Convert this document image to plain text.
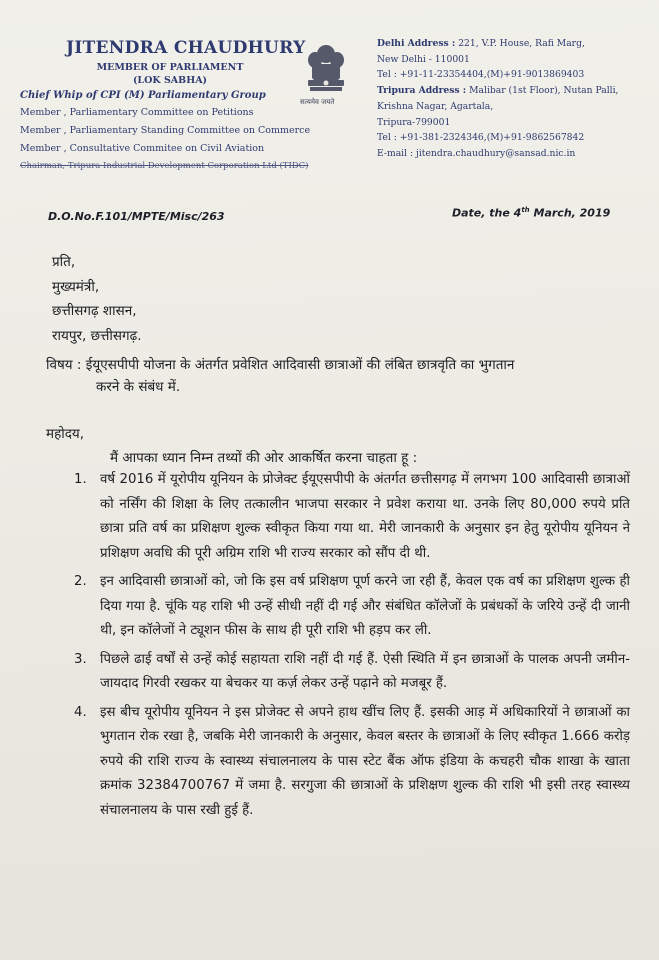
JITENDRA CHAUDHURY
MEMBER OF PARLIAMENT
(LOK SABHA)
Chief Whip of CPI (M) Parliamentary Group
Member , Parliamentary Committee on Petitions
Member , Parliamentary Standing Committee on Commerce
Member , Consultative Commitee on Civil Aviation
Chairman, Tripura Industrial Development Corporation Ltd (TIDC)
सत्यमेव जयते
Delhi Address : 221, V.P. House, Rafi Marg,
New Delhi - 110001
Tel : +91-11-23354404,(M)+91-9013869403
Tripura Address : Malibar (1st Floor), Nutan Palli,
Krishna Nagar, Agartala,
Tripura-799001
Tel : +91-381-2324346,(M)+91-9862567842
E-mail : jitendra.chaudhury@sansad.nic.in
D.O.No.F.101/MPTE/Misc/263	Date, the 4th March, 2019
प्रति,
मुख्यमंत्री,
छत्तीसगढ़ शासन,
रायपुर, छत्तीसगढ़.
विषय : ईयूएसपीपी योजना के अंतर्गत प्रवेशित आदिवासी छात्राओं की लंबित छात्रवृति का भुगतान
करने के संबंध में.
महोदय,
मैं आपका ध्यान निम्न तथ्यों की ओर आकर्षित करना चाहता हू :
1. वर्ष 2016 में यूरोपीय यूनियन के प्रोजेक्ट ईयूएसपीपी के अंतर्गत छत्तीसगढ़ में लगभग 100 आदिवासी छात्राओं को नर्सिंग की शिक्षा के लिए तत्कालीन भाजपा सरकार ने प्रवेश कराया था. उनके लिए 80,000 रुपये प्रति छात्रा प्रति वर्ष का प्रशिक्षण शुल्क स्वीकृत किया गया था. मेरी जानकारी के अनुसार इन हेतु यूरोपीय यूनियन ने प्रशिक्षण अवधि की पूरी अग्रिम राशि भी राज्य सरकार को सौंप दी थी.
2. इन आदिवासी छात्राओं को, जो कि इस वर्ष प्रशिक्षण पूर्ण करने जा रही हैं, केवल एक वर्ष का प्रशिक्षण शुल्क ही दिया गया है. चूंकि यह राशि भी उन्हें सीधी नहीं दी गई और संबंधित कॉलेजों के प्रबंधकों के जरिये उन्हें दी जानी थी, इन कॉलेजों ने ट्यूशन फीस के साथ ही पूरी राशि भी हड़प कर ली.
3. पिछले ढाई वर्षों से उन्हें कोई सहायता राशि नहीं दी गई हैं. ऐसी स्थिति में इन छात्राओं के पालक अपनी जमीन-जायदाद गिरवी रखकर या बेचकर या कर्ज़ लेकर उन्हें पढ़ाने को मजबूर हैं.
4. इस बीच यूरोपीय यूनियन ने इस प्रोजेक्ट से अपने हाथ खींच लिए हैं. इसकी आड़ में अधिकारियों ने छात्राओं का भुगतान रोक रखा है, जबकि मेरी जानकारी के अनुसार, केवल बस्तर के छात्राओं के लिए स्वीकृत 1.666 करोड़ रुपये की राशि राज्य के स्वास्थ्य संचालनालय के पास स्टेट बैंक ऑफ इंडिया के कचहरी चौक शाखा के खाता क्रमांक 32384700767 में जमा है. सरगुजा की छात्राओं के प्रशिक्षण शुल्क की राशि भी इसी तरह स्वास्थ्य संचालनालय के पास रखी हुई हैं.
